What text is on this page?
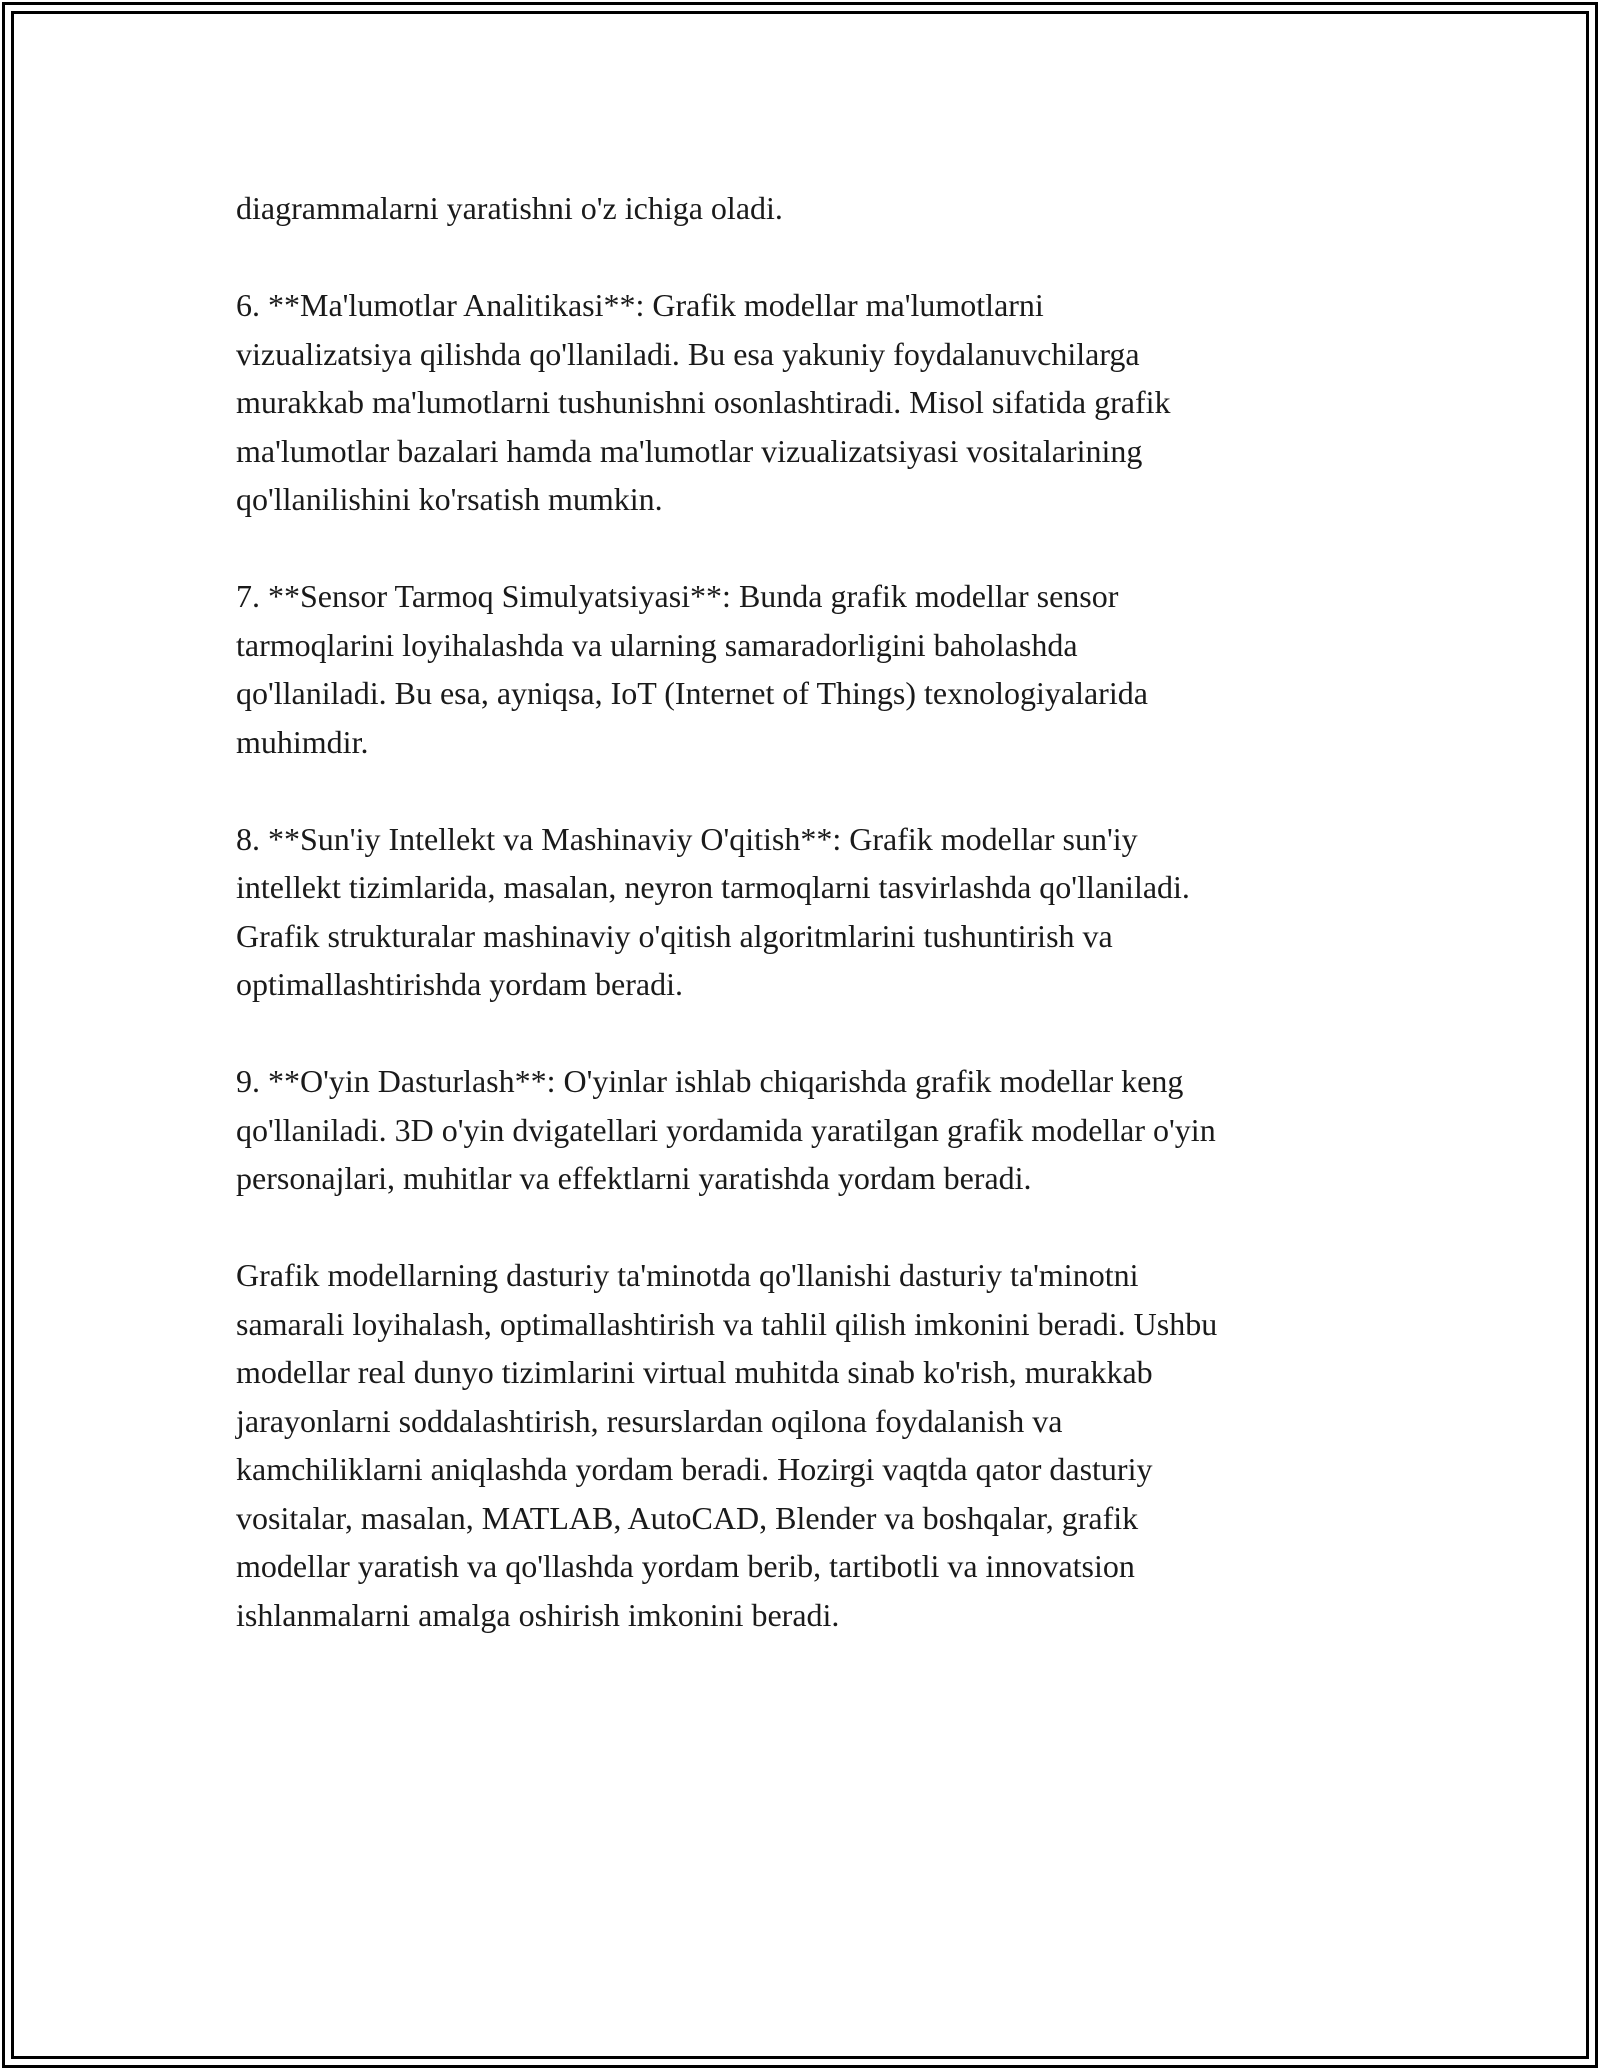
diagrammalarni yaratishni o'z ichiga oladi.

6. **Ma'lumotlar Analitikasi**: Grafik modellar ma'lumotlarni
vizualizatsiya qilishda qo'llaniladi. Bu esa yakuniy foydalanuvchilarga
murakkab ma'lumotlarni tushunishni osonlashtiradi. Misol sifatida grafik
ma'lumotlar bazalari hamda ma'lumotlar vizualizatsiyasi vositalarining
qo'llanilishini ko'rsatish mumkin.

7. **Sensor Tarmoq Simulyatsiyasi**: Bunda grafik modellar sensor
tarmoqlarini loyihalashda va ularning samaradorligini baholashda
qo'llaniladi. Bu esa, ayniqsa, IoT (Internet of Things) texnologiyalarida
muhimdir.

8. **Sun'iy Intellekt va Mashinaviy O'qitish**: Grafik modellar sun'iy
intellekt tizimlarida, masalan, neyron tarmoqlarni tasvirlashda qo'llaniladi.
Grafik strukturalar mashinaviy o'qitish algoritmlarini tushuntirish va
optimallashtirishda yordam beradi.

9. **O'yin Dasturlash**: O'yinlar ishlab chiqarishda grafik modellar keng
qo'llaniladi. 3D o'yin dvigatellari yordamida yaratilgan grafik modellar o'yin
personajlari, muhitlar va effektlarni yaratishda yordam beradi.

Grafik modellarning dasturiy ta'minotda qo'llanishi dasturiy ta'minotni
samarali loyihalash, optimallashtirish va tahlil qilish imkonini beradi. Ushbu
modellar real dunyo tizimlarini virtual muhitda sinab ko'rish, murakkab
jarayonlarni soddalashtirish, resurslardan oqilona foydalanish va
kamchiliklarni aniqlashda yordam beradi. Hozirgi vaqtda qator dasturiy
vositalar, masalan, MATLAB, AutoCAD, Blender va boshqalar, grafik
modellar yaratish va qo'llashda yordam berib, tartibotli va innovatsion
ishlanmalarni amalga oshirish imkonini beradi.
